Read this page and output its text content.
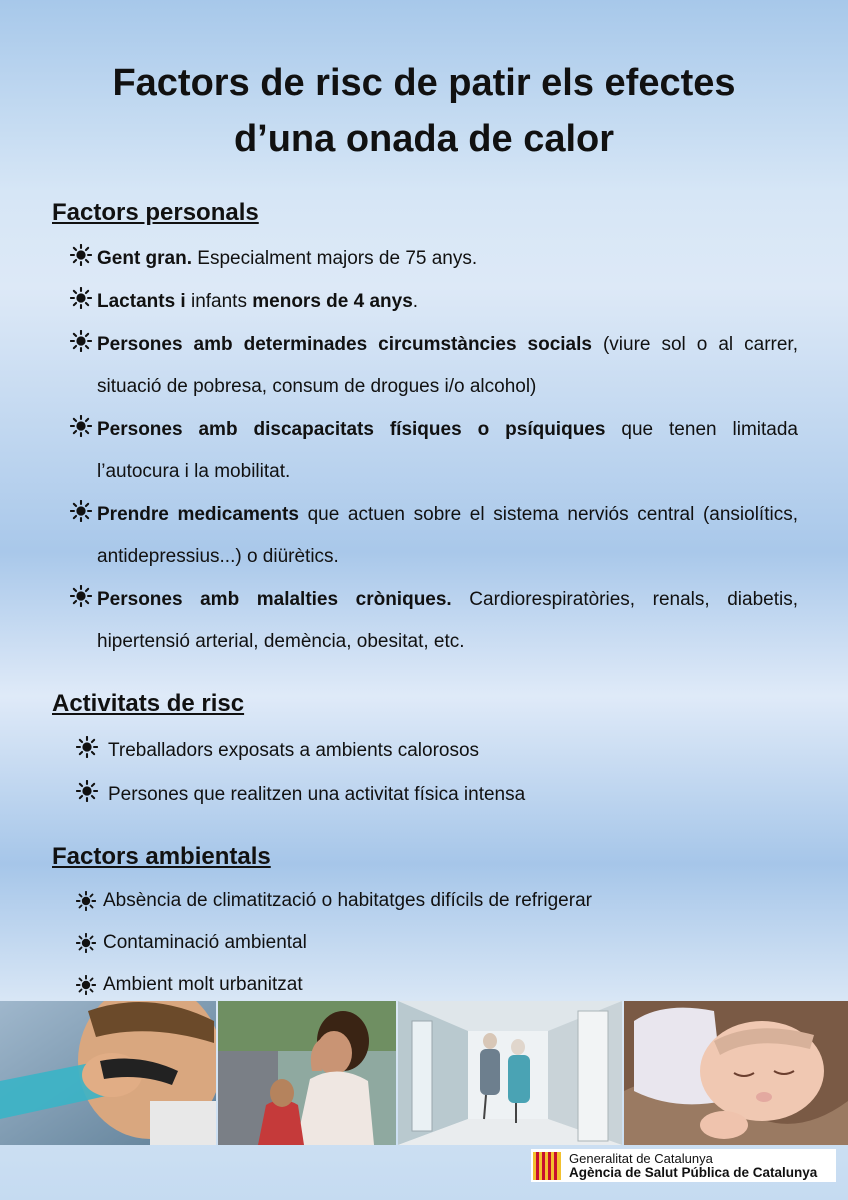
Factors de risc de patir els efectes
d’una onada de calor
Factors personals
Gent gran. Especialment majors de 75 anys.
Lactants i infants menors de 4 anys.
Persones amb determinades circumstàncies socials (viure sol o al carrer, situació de pobresa, consum de drogues i/o alcohol)
Persones amb discapacitats físiques o psíquiques que tenen limitada l’autocura i la mobilitat.
Prendre medicaments que actuen sobre el sistema nerviós central (ansiolítics, antidepressius...) o diürètics.
Persones amb malalties cròniques. Cardiorespiratòries, renals, diabetis, hipertensió arterial, demència, obesitat, etc.
Activitats de risc
Treballadors exposats a ambients calorosos
Persones que realitzen una activitat física intensa
Factors ambientals
Absència de climatització o habitatges difícils de refrigerar
Contaminació ambiental
Ambient molt urbanitzat
Generalitat de Catalunya
Agència de Salut Pública de Catalunya
